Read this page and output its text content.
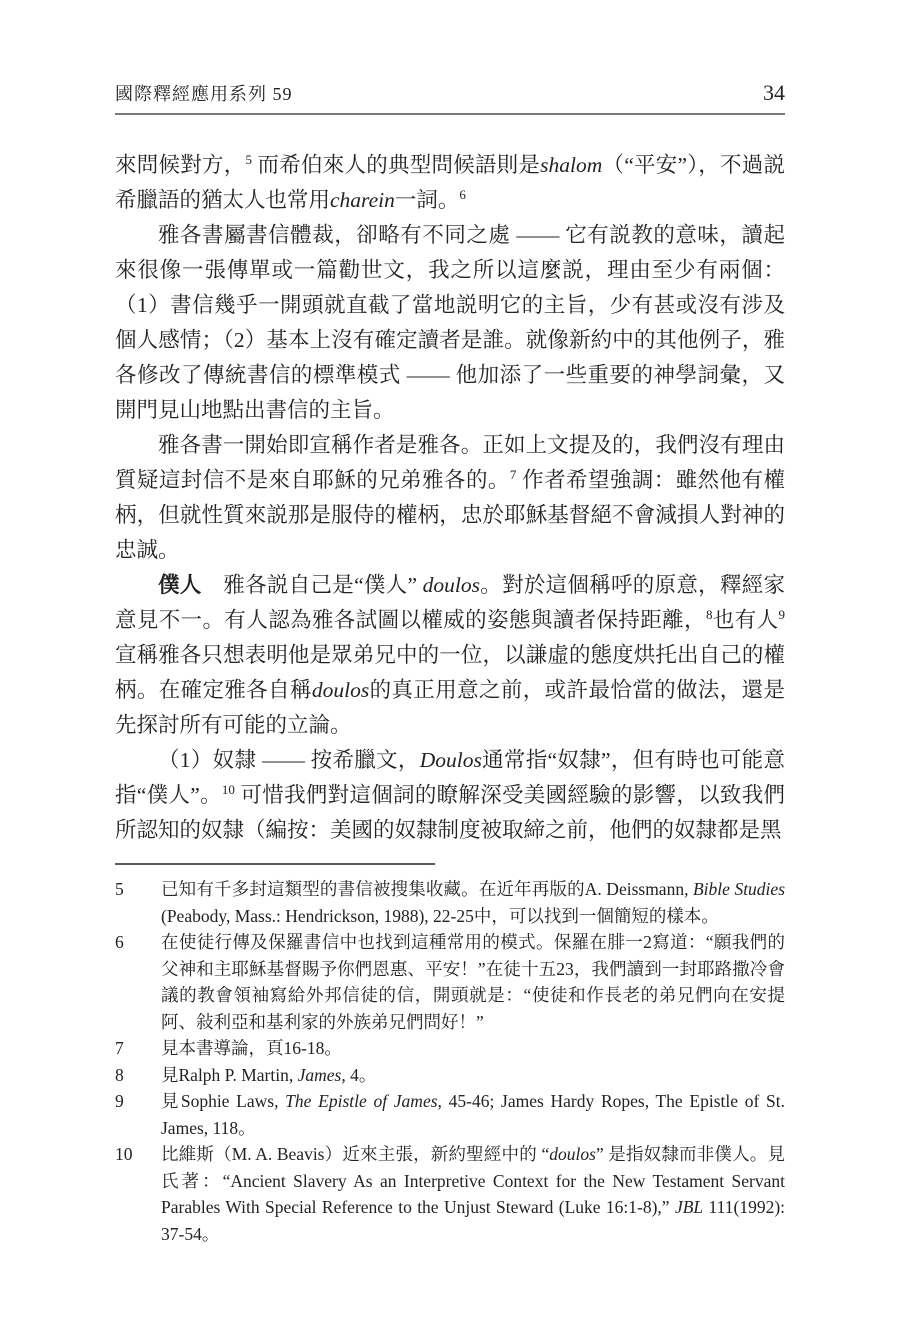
國際釋經應用系列 59	34

來問候對方，$^5$ 而希伯來人的典型問候語則是shalom（“平安”），不過説希臘語的猶太人也常用charein一詞。$^6$

雅各書屬書信體裁，卻略有不同之處 —— 它有説教的意味，讀起來很像一張傳單或一篇勸世文，我之所以這麼説，理由至少有兩個：（1）書信幾乎一開頭就直截了當地説明它的主旨，少有甚或沒有涉及個人感情；（2）基本上沒有確定讀者是誰。就像新約中的其他例子，雅各修改了傳統書信的標準模式 —— 他加添了一些重要的神學詞彙，又開門見山地點出書信的主旨。

雅各書一開始即宣稱作者是雅各。正如上文提及的，我們沒有理由質疑這封信不是來自耶穌的兄弟雅各的。$^7$ 作者希望強調：雖然他有權柄，但就性質來説那是服侍的權柄，忠於耶穌基督絕不會減損人對神的忠誠。

僕人　雅各説自己是“僕人” doulos。對於這個稱呼的原意，釋經家意見不一。有人認為雅各試圖以權威的姿態與讀者保持距離，$^8$也有人$^9$ 宣稱雅各只想表明他是眾弟兄中的一位，以謙虛的態度烘托出自己的權柄。在確定雅各自稱doulos的真正用意之前，或許最恰當的做法，還是先探討所有可能的立論。

（1）奴隸 —— 按希臘文，Doulos通常指“奴隸”，但有時也可能意指“僕人”。$^{10}$ 可惜我們對這個詞的瞭解深受美國經驗的影響，以致我們所認知的奴隸（編按：美國的奴隸制度被取締之前，他們的奴隸都是黑

5	已知有千多封這類型的書信被搜集收藏。在近年再版的A. Deissmann, Bible Studies (Peabody, Mass.: Hendrickson, 1988), 22-25中，可以找到一個簡短的樣本。
6	在使徒行傳及保羅書信中也找到這種常用的模式。保羅在腓一2寫道：“願我們的父神和主耶穌基督賜予你們恩惠、平安！”在徒十五23，我們讀到一封耶路撒冷會議的教會領袖寫給外邦信徒的信，開頭就是：“使徒和作長老的弟兄們向在安提阿、敍利亞和基利家的外族弟兄們問好！”
7	見本書導論，頁16-18。
8	見Ralph P. Martin, James, 4。
9	見Sophie Laws, The Epistle of James, 45-46; James Hardy Ropes, The Epistle of St. James, 118。
10	比維斯（M. A. Beavis）近來主張，新約聖經中的 “doulos” 是指奴隸而非僕人。見氏著：“Ancient Slavery As an Interpretive Context for the New Testament Servant Parables With Special Reference to the Unjust Steward (Luke 16:1-8),” JBL 111(1992): 37-54。
